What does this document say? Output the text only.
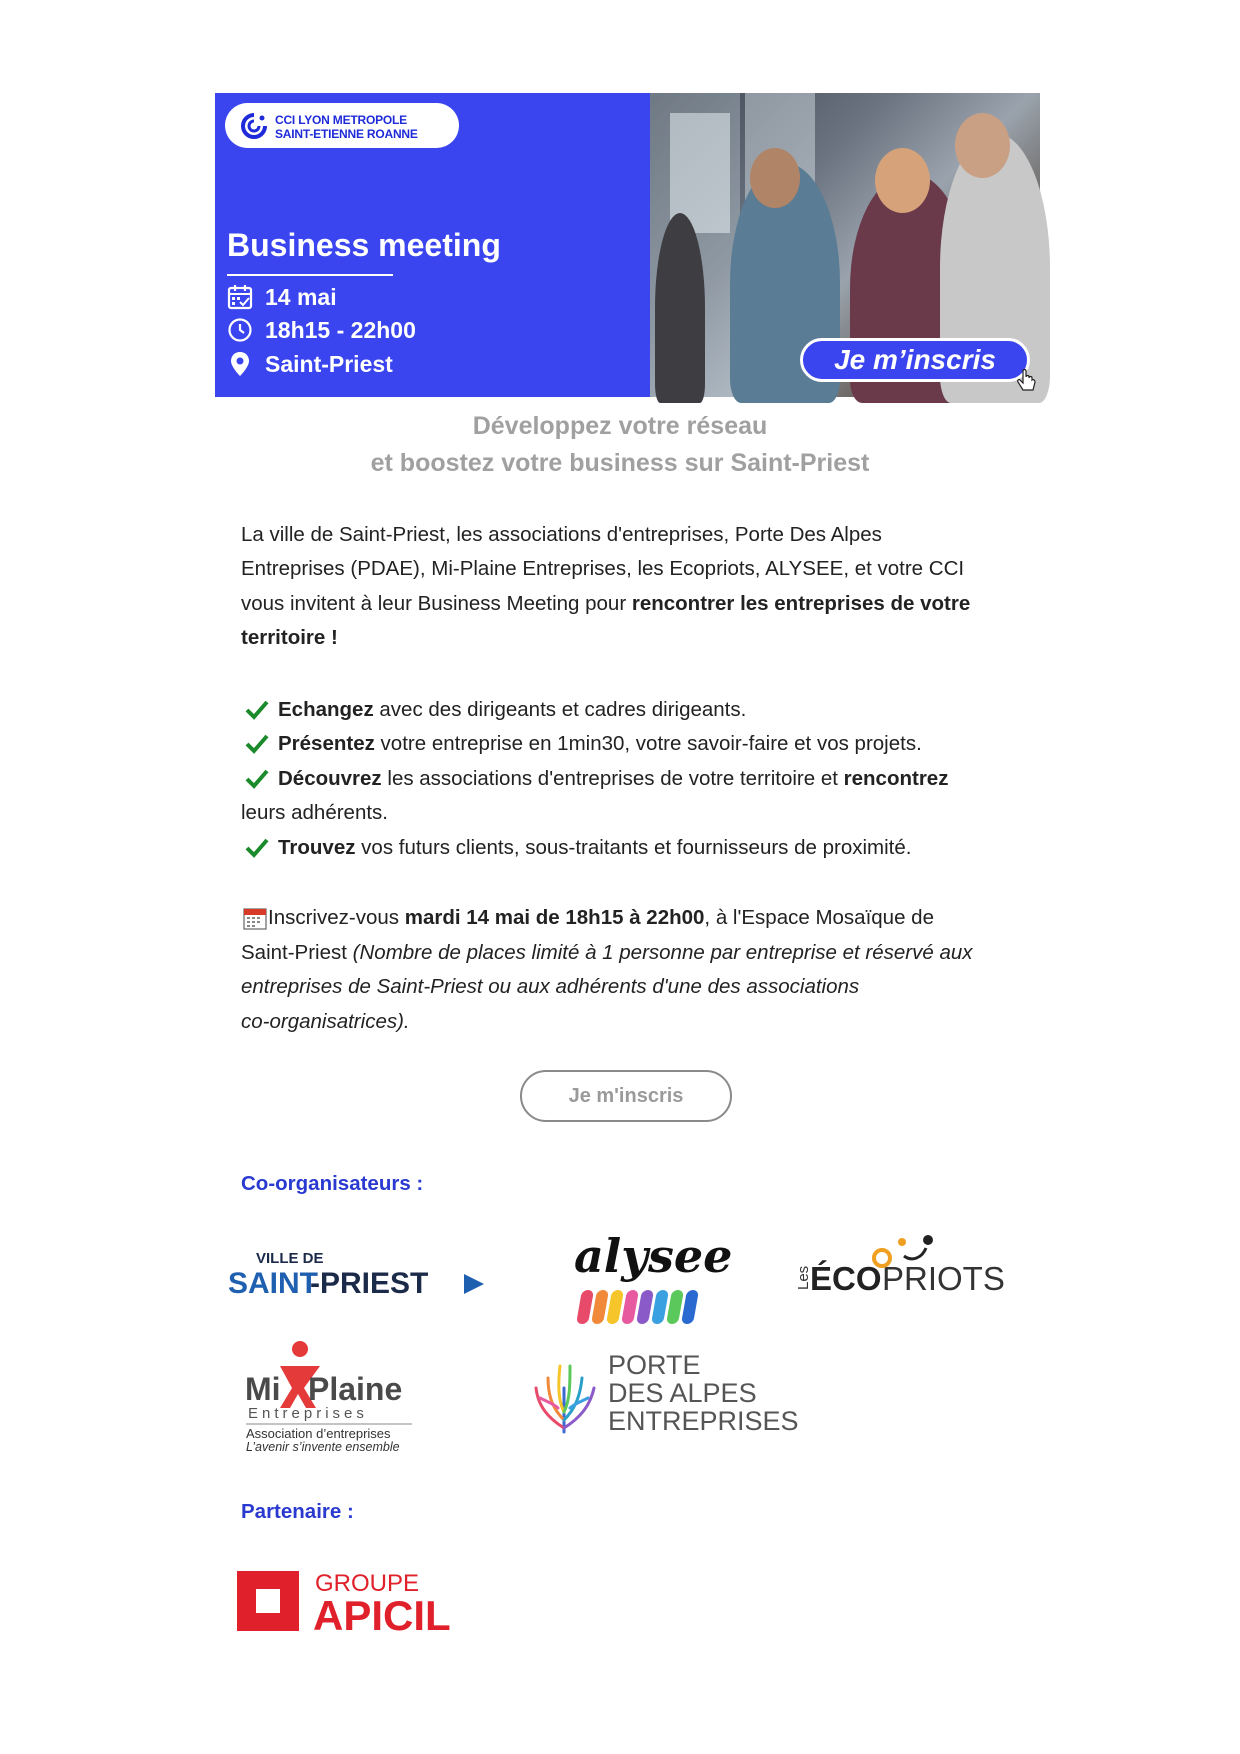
CCI LYON METROPOLE
SAINT-ETIENNE ROANNE
Business meeting
14 mai
18h15 - 22h00
Saint-Priest	Je m’inscris
Développez votre réseau
et boostez votre business sur Saint-Priest
La ville de Saint-Priest, les associations d'entreprises, Porte Des Alpes
Entreprises (PDAE), Mi-Plaine Entreprises, les Ecopriots, ALYSEE, et votre CCI
vous invitent à leur Business Meeting pour rencontrer les entreprises de votre
territoire !
Echangez avec des dirigeants et cadres dirigeants.
Présentez votre entreprise en 1min30, votre savoir-faire et vos projets.
Découvrez les associations d'entreprises de votre territoire et rencontrez
leurs adhérents.
Trouvez vos futurs clients, sous-traitants et fournisseurs de proximité.
Inscrivez-vous mardi 14 mai de 18h15 à 22h00, à l'Espace Mosaïque de
Saint-Priest (Nombre de places limité à 1 personne par entreprise et réservé aux
entreprises de Saint-Priest ou aux adhérents d'une des associations
co-organisatrices).
Je m'inscris
Co-organisateurs :
VILLE DE
SAINT
-PRIEST
alysee	Les
ÉCO PRIOTS
Mi Plaine
Entreprises
Association d’entreprises
L’avenir s’invente ensemble
PORTE
DES ALPES
ENTREPRISES
Partenaire :
GROUPE
APICIL
